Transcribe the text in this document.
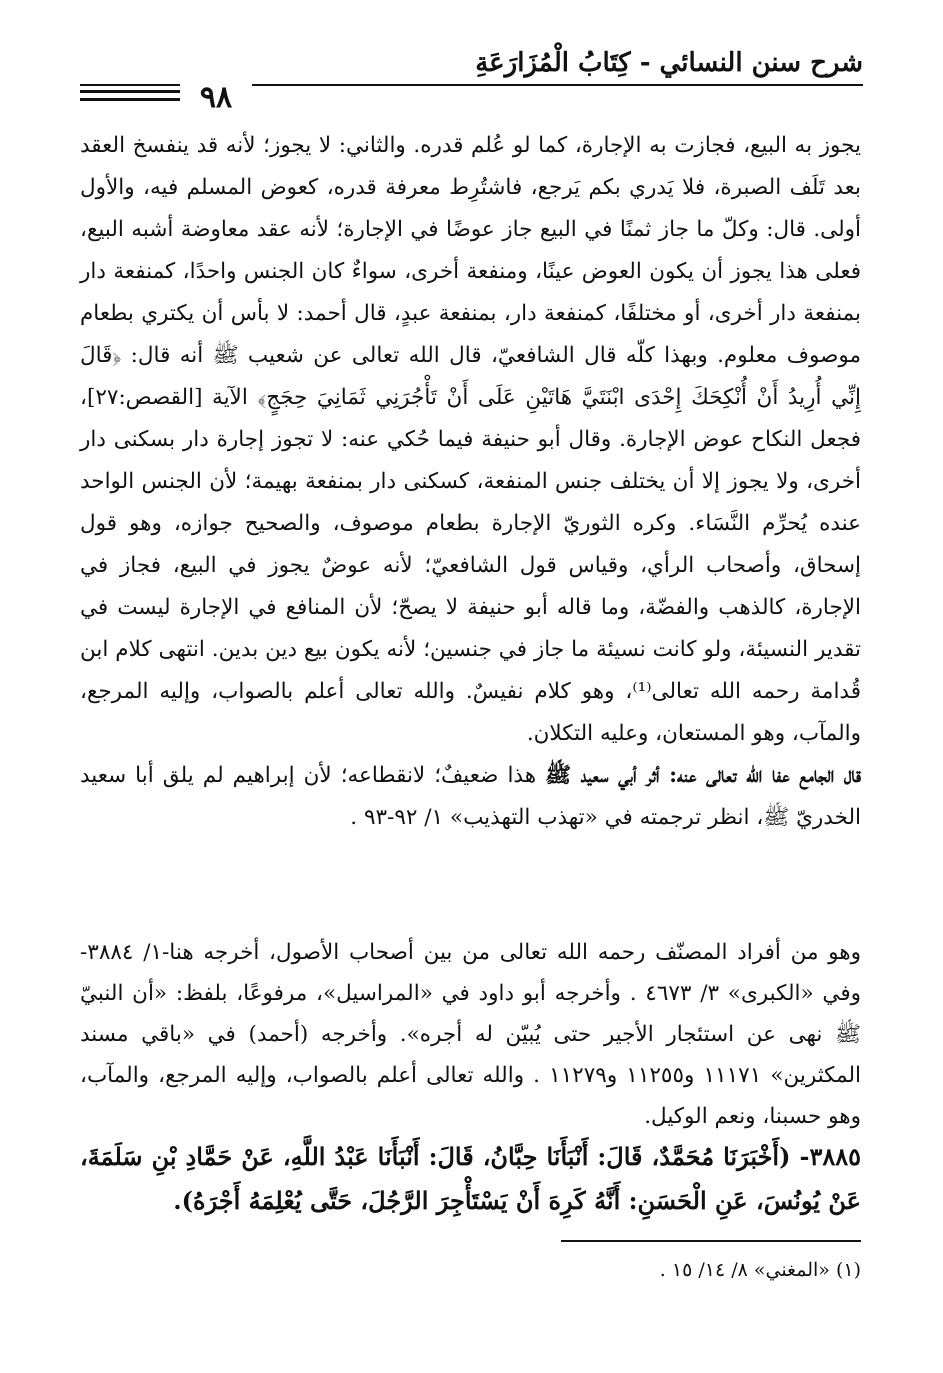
شرح سنن النسائي - كِتَابُ الْمُزَارَعَةِ
٩٨

يجوز به البيع، فجازت به الإجارة، كما لو عُلم قدره. والثاني: لا يجوز؛ لأنه قد ينفسخ العقد بعد تَلَف الصبرة، فلا يَدري بكم يَرجع، فاشتُرِط معرفة قدره، كعوض المسلم فيه، والأول أولى. قال: وكلّ ما جاز ثمنًا في البيع جاز عوضًا في الإجارة؛ لأنه عقد معاوضة أشبه البيع، فعلى هذا يجوز أن يكون العوض عينًا، ومنفعة أخرى، سواءٌ كان الجنس واحدًا، كمنفعة دار بمنفعة دار أخرى، أو مختلفًا، كمنفعة دار، بمنفعة عبدٍ، قال أحمد: لا بأس أن يكتري بطعام موصوف معلوم. وبهذا كلّه قال الشافعيّ، قال الله تعالى عن شعيب ﷺ أنه قال: ﴿قَالَ إِنِّي أُرِيدُ أَنْ أُنْكِحَكَ إِحْدَى ابْنَتَيَّ هَاتَيْنِ عَلَى أَنْ تَأْجُرَنِي ثَمَانِيَ حِجَجٍ﴾ الآية [القصص:٢٧]، فجعل النكاح عوض الإجارة. وقال أبو حنيفة فيما حُكي عنه: لا تجوز إجارة دار بسكنى دار أخرى، ولا يجوز إلا أن يختلف جنس المنفعة، كسكنى دار بمنفعة بهيمة؛ لأن الجنس الواحد عنده يُحرِّم النَّسَاء. وكره الثوريّ الإجارة بطعام موصوف، والصحيح جوازه، وهو قول إسحاق، وأصحاب الرأي، وقياس قول الشافعيّ؛ لأنه عوضٌ يجوز في البيع، فجاز في الإجارة، كالذهب والفضّة، وما قاله أبو حنيفة لا يصحّ؛ لأن المنافع في الإجارة ليست في تقدير النسيئة، ولو كانت نسيئة ما جاز في جنسين؛ لأنه يكون بيع دين بدين. انتهى كلام ابن قُدامة رحمه الله تعالى⁽¹⁾، وهو كلام نفيسٌ. والله تعالى أعلم بالصواب، وإليه المرجع، والمآب، وهو المستعان، وعليه التكلان.

قال الجامع عفا الله تعالى عنه: أثر أبي سعيد ﷺ هذا ضعيفٌ؛ لانقطاعه؛ لأن إبراهيم لم يلق أبا سعيد الخدريّ ﷺ، انظر ترجمته في «تهذب التهذيب» ١/ ٩٢-٩٣ .

وهو من أفراد المصنّف رحمه الله تعالى من بين أصحاب الأصول، أخرجه هنا-١/ ٣٨٨٤- وفي «الكبرى» ٣/ ٤٦٧٣ . وأخرجه أبو داود في «المراسيل»، مرفوعًا، بلفظ: «أن النبيّ ﷺ نهى عن استئجار الأجير حتى يُبيّن له أجره». وأخرجه (أحمد) في «باقي مسند المكثرين» ١١١٧١ و١١٢٥٥ و١١٢٧٩ . والله تعالى أعلم بالصواب، وإليه المرجع، والمآب، وهو حسبنا، ونعم الوكيل.

٣٨٨٥- (أَخْبَرَنَا مُحَمَّدٌ، قَالَ: أَنْبَأَنَا حِبَّانُ، قَالَ: أَنْبَأَنَا عَبْدُ اللَّهِ، عَنْ حَمَّادِ بْنِ سَلَمَةَ، عَنْ يُونُسَ، عَنِ الْحَسَنِ: أَنَّهُ كَرِهَ أَنْ يَسْتَأْجِرَ الرَّجُلَ، حَتَّى يُعْلِمَهُ أَجْرَهُ).

(١) «المغني» ٨/ ١٤/ ١٥ .
